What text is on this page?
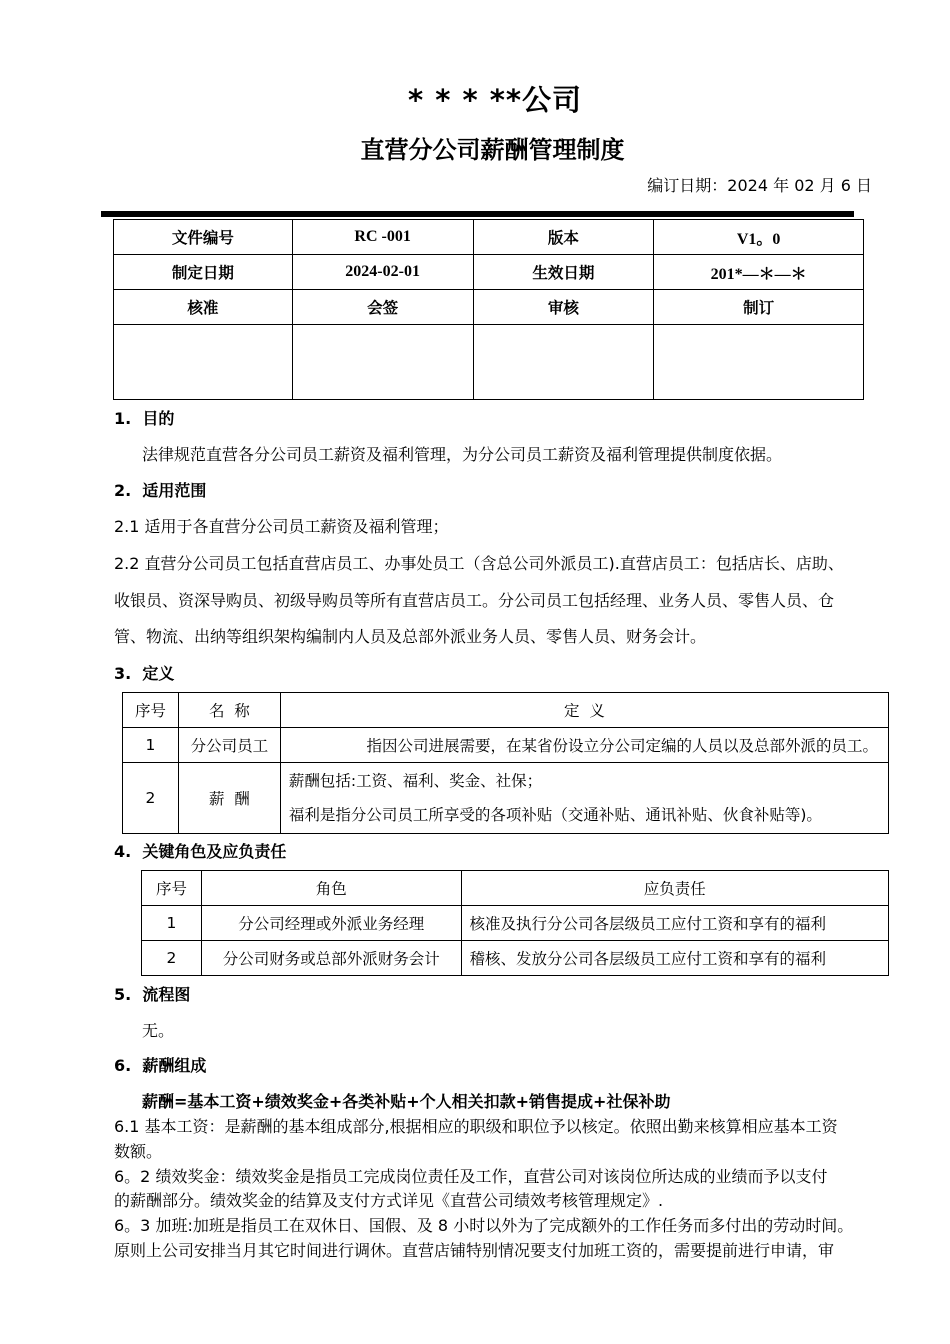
* * * **公司
直营分公司薪酬管理制度
编订日期：2024 年 02 月 6 日
文件编号	RC -001	版本	V1。0
制定日期	2024-02-01	生效日期	201*—＊—＊
核准	会签	审核	制订

1.  目的
法律规范直营各分公司员工薪资及福利管理，为分公司员工薪资及福利管理提供制度依据。
2.  适用范围
2.1 适用于各直营分公司员工薪资及福利管理；
2.2 直营分公司员工包括直营店员工、办事处员工（含总公司外派员工).直营店员工：包括店长、店助、
收银员、资深导购员、初级导购员等所有直营店员工。分公司员工包括经理、业务人员、零售人员、仓
管、物流、出纳等组织架构编制内人员及总部外派业务人员、零售人员、财务会计。
3.  定义
序号	名  称	定  义
1	分公司员工	指因公司进展需要，在某省份设立分公司定编的人员以及总部外派的员工。
2	薪  酬	薪酬包括:工资、福利、奖金、社保；
福利是指分公司员工所享受的各项补贴（交通补贴、通讯补贴、伙食补贴等)。
4.  关键角色及应负责任
序号	角色	应负责任
1	分公司经理或外派业务经理	核准及执行分公司各层级员工应付工资和享有的福利
2	分公司财务或总部外派财务会计	稽核、发放分公司各层级员工应付工资和享有的福利
5.  流程图
无。
6.  薪酬组成
薪酬=基本工资+绩效奖金+各类补贴+个人相关扣款+销售提成+社保补助
6.1 基本工资：是薪酬的基本组成部分,根据相应的职级和职位予以核定。依照出勤来核算相应基本工资
数额。
6。2 绩效奖金：绩效奖金是指员工完成岗位责任及工作，直营公司对该岗位所达成的业绩而予以支付
的薪酬部分。绩效奖金的结算及支付方式详见《直营公司绩效考核管理规定》.
6。3 加班:加班是指员工在双休日、国假、及 8 小时以外为了完成额外的工作任务而多付出的劳动时间。
原则上公司安排当月其它时间进行调休。直营店铺特别情况要支付加班工资的，需要提前进行申请，审
